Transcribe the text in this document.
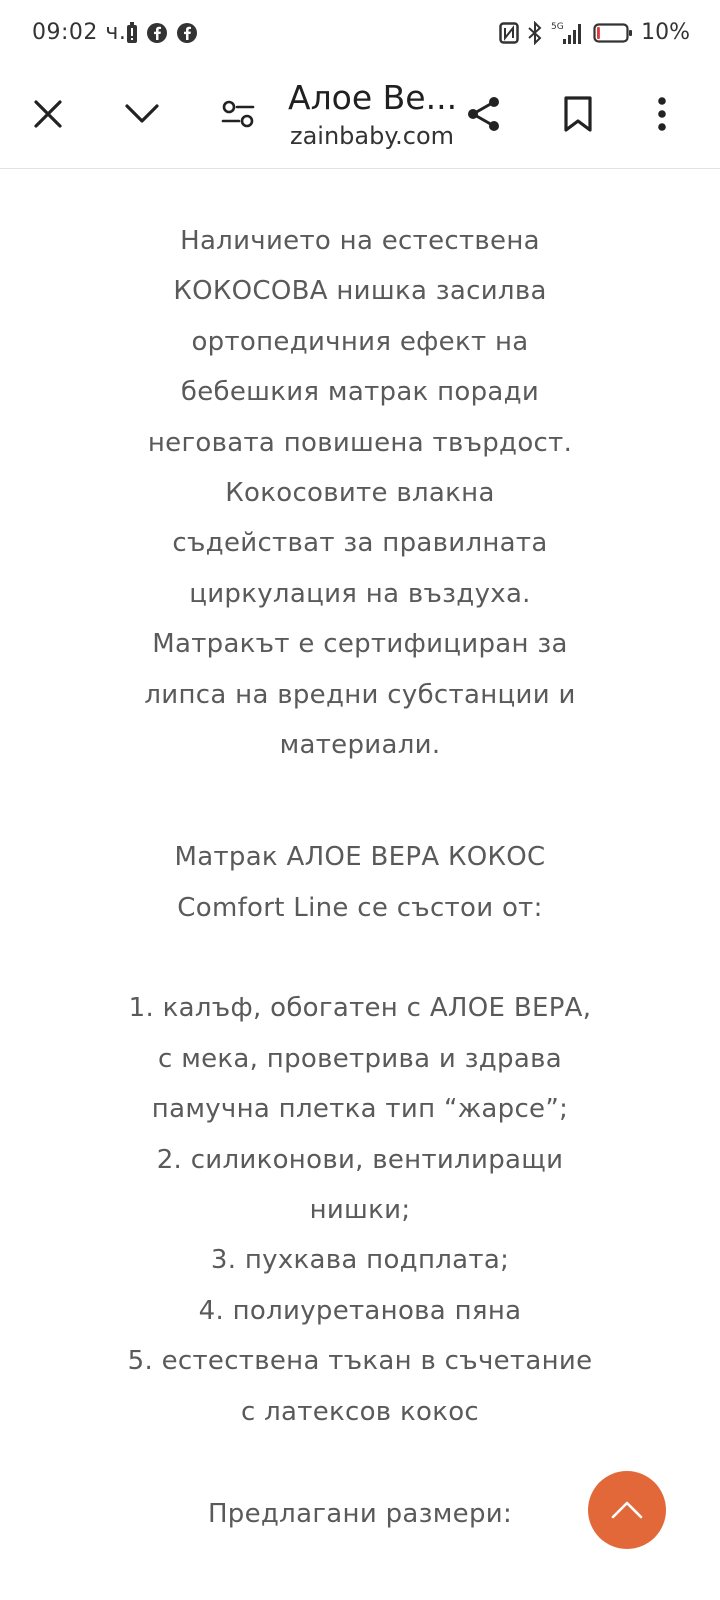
09:02 ч.	5G	10%
Алое Ве...
zainbaby.com

Наличието на естествена

КОКОСОВА нишка засилва

ортопедичния ефект на

бебешкия матрак поради

неговата повишена твърдост.

Кокосовите влакна

съдействат за правилната

циркулация на въздуха.

Матракът е сертифициран за

липса на вредни субстанции и

материали.

Матрак АЛОЕ ВЕРА КОКОС

Comfort Line се състои от:

1. калъф, обогатен с АЛОЕ ВЕРА,

с мека, проветрива и здрава

памучна плетка тип “жарсе”;

2. силиконови, вентилиращи

нишки;

3. пухкава подплата;

4. полиуретанова пяна

5. естествена тъкан в съчетание

с латексов кокос

Предлагани размери:
